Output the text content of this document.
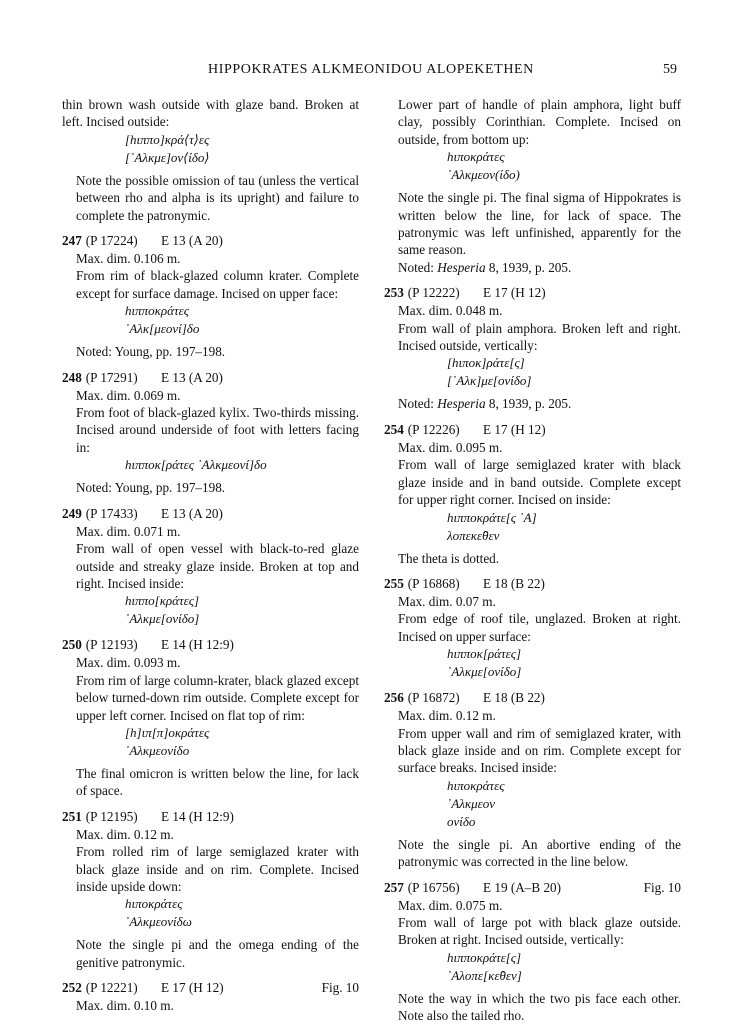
HIPPOKRATES ALKMEONIDOU ALOPEKETHEN	59

thin brown wash outside with glaze band. Broken at left. Incised outside:

[hιππο]κρά⟨τ⟩ες

[᾿Αλκμε]ον⟨ίδο⟩

Note the possible omission of tau (unless the vertical between rho and alpha is its upright) and failure to complete the patronymic.

247 (P 17224) E 13 (A 20)

Max. dim. 0.106 m.

From rim of black-glazed column krater. Complete except for surface damage. Incised on upper face:

hιπποκράτες

᾿Αλκ[μεονί]δο

Noted: Young, pp. 197–198.

248 (P 17291) E 13 (A 20)

Max. dim. 0.069 m.

From foot of black-glazed kylix. Two-thirds missing. Incised around underside of foot with letters facing in:

hιπποκ[ράτες ᾿Αλκμεονί]δο

Noted: Young, pp. 197–198.

249 (P 17433) E 13 (A 20)

Max. dim. 0.071 m.

From wall of open vessel with black-to-red glaze outside and streaky glaze inside. Broken at top and right. Incised inside:

hιππο[κράτες]

᾿Αλκμε[ονίδο]

250 (P 12193) E 14 (H 12:9)

Max. dim. 0.093 m.

From rim of large column-krater, black glazed except below turned-down rim outside. Complete except for upper left corner. Incised on flat top of rim:

[h]ιπ[π]οκράτες

᾿Αλκμεονίδο

The final omicron is written below the line, for lack of space.

251 (P 12195) E 14 (H 12:9)

Max. dim. 0.12 m.

From rolled rim of large semiglazed krater with black glaze inside and on rim. Complete. Incised inside upside down:

hιποκράτες

᾿Αλκμεονίδω

Note the single pi and the omega ending of the genitive patronymic.

252 (P 12221) E 17 (H 12)	Fig. 10

Max. dim. 0.10 m.

Lower part of handle of plain amphora, light buff clay, possibly Corinthian. Complete. Incised on outside, from bottom up:

hιποκράτες

᾿Αλκμεον(ίδο)

Note the single pi. The final sigma of Hippokrates is written below the line, for lack of space. The patronymic was left unfinished, apparently for the same reason.

Noted: Hesperia 8, 1939, p. 205.

253 (P 12222) E 17 (H 12)

Max. dim. 0.048 m.

From wall of plain amphora. Broken left and right. Incised outside, vertically:

[hιποκ]ράτε[ς]

[᾿Αλκ]με[ονίδο]

Noted: Hesperia 8, 1939, p. 205.

254 (P 12226) E 17 (H 12)

Max. dim. 0.095 m.

From wall of large semiglazed krater with black glaze inside and in band outside. Complete except for upper right corner. Incised on inside:

hιπποκράτε[ς ᾿Α]

λοπεκε̂θεν

The theta is dotted.

255 (P 16868) E 18 (B 22)

Max. dim. 0.07 m.

From edge of roof tile, unglazed. Broken at right. Incised on upper surface:

hιπποκ[ράτες]

᾿Αλκμε[ονίδο]

256 (P 16872) E 18 (B 22)

Max. dim. 0.12 m.

From upper wall and rim of semiglazed krater, with black glaze inside and on rim. Complete except for surface breaks. Incised inside:

hιποκράτες

᾿Αλκμεον

ονίδο

Note the single pi. An abortive ending of the patronymic was corrected in the line below.

257 (P 16756) E 19 (A–B 20)	Fig. 10

Max. dim. 0.075 m.

From wall of large pot with black glaze outside. Broken at right. Incised outside, vertically:

hιπποκράτε[ς]

᾿Αλοπε[κε̂θεν]

Note the way in which the two pis face each other. Note also the tailed rho.
